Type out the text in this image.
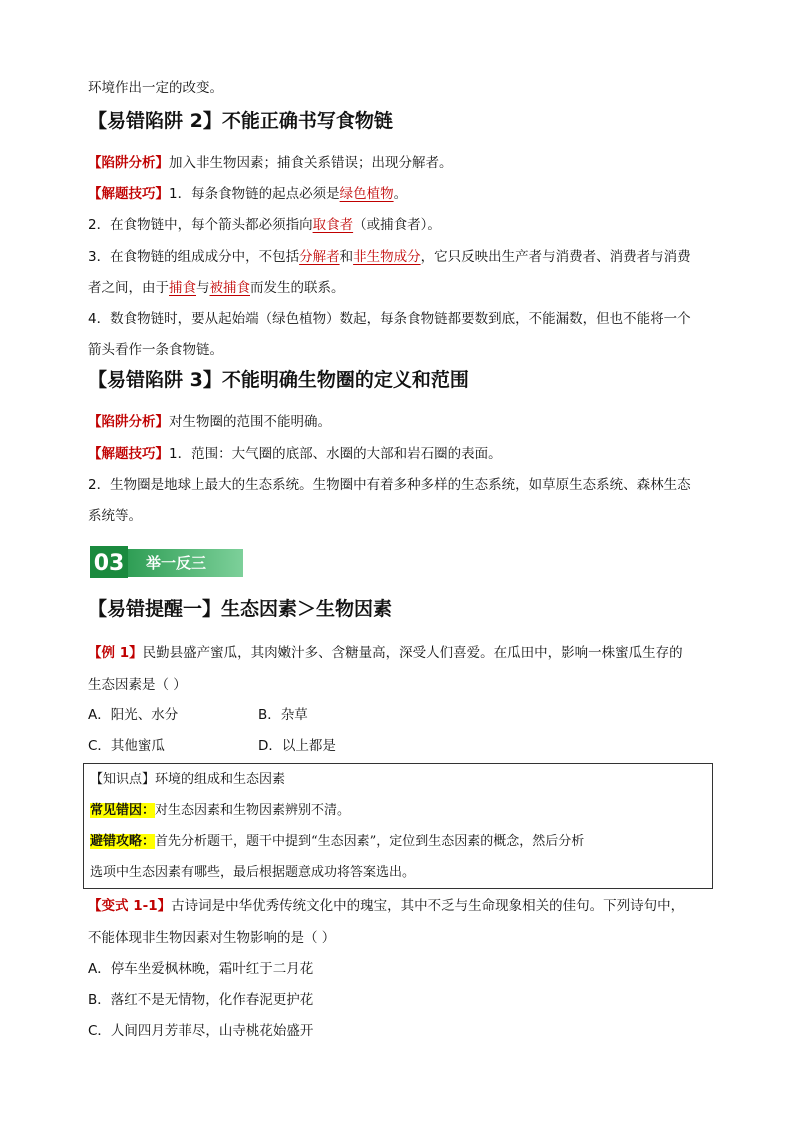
环境作出一定的改变。
【易错陷阱 2】不能正确书写食物链
【陷阱分析】加入非生物因素；捕食关系错误；出现分解者。
【解题技巧】1．每条食物链的起点必须是绿色植物。
2．在食物链中，每个箭头都必须指向取食者（或捕食者）。
3．在食物链的组成成分中，不包括分解者和非生物成分，它只反映出生产者与消费者、消费者与消费
者之间，由于捕食与被捕食而发生的联系。
4．数食物链时，要从起始端（绿色植物）数起，每条食物链都要数到底，不能漏数，但也不能将一个
箭头看作一条食物链。
【易错陷阱 3】不能明确生物圈的定义和范围
【陷阱分析】对生物圈的范围不能明确。
【解题技巧】1．范围：大气圈的底部、水圈的大部和岩石圈的表面。
2．生物圈是地球上最大的生态系统。生物圈中有着多种多样的生态系统，如草原生态系统、森林生态
系统等。
03	举一反三
【易错提醒一】生态因素＞生物因素
【例 1】民勤县盛产蜜瓜，其肉嫩汁多、含糖量高，深受人们喜爱。在瓜田中，影响一株蜜瓜生存的
生态因素是（ ）
A．阳光、水分	B．杂草
C．其他蜜瓜	D．以上都是
【知识点】环境的组成和生态因素
常见错因：对生态因素和生物因素辨别不清。
避错攻略：首先分析题干，题干中提到“生态因素”，定位到生态因素的概念，然后分析
选项中生态因素有哪些，最后根据题意成功将答案选出。
【变式 1-1】古诗词是中华优秀传统文化中的瑰宝，其中不乏与生命现象相关的佳句。下列诗句中，
不能体现非生物因素对生物影响的是（ ）
A．停车坐爱枫林晚，霜叶红于二月花
B．落红不是无情物，化作春泥更护花
C．人间四月芳菲尽，山寺桃花始盛开
